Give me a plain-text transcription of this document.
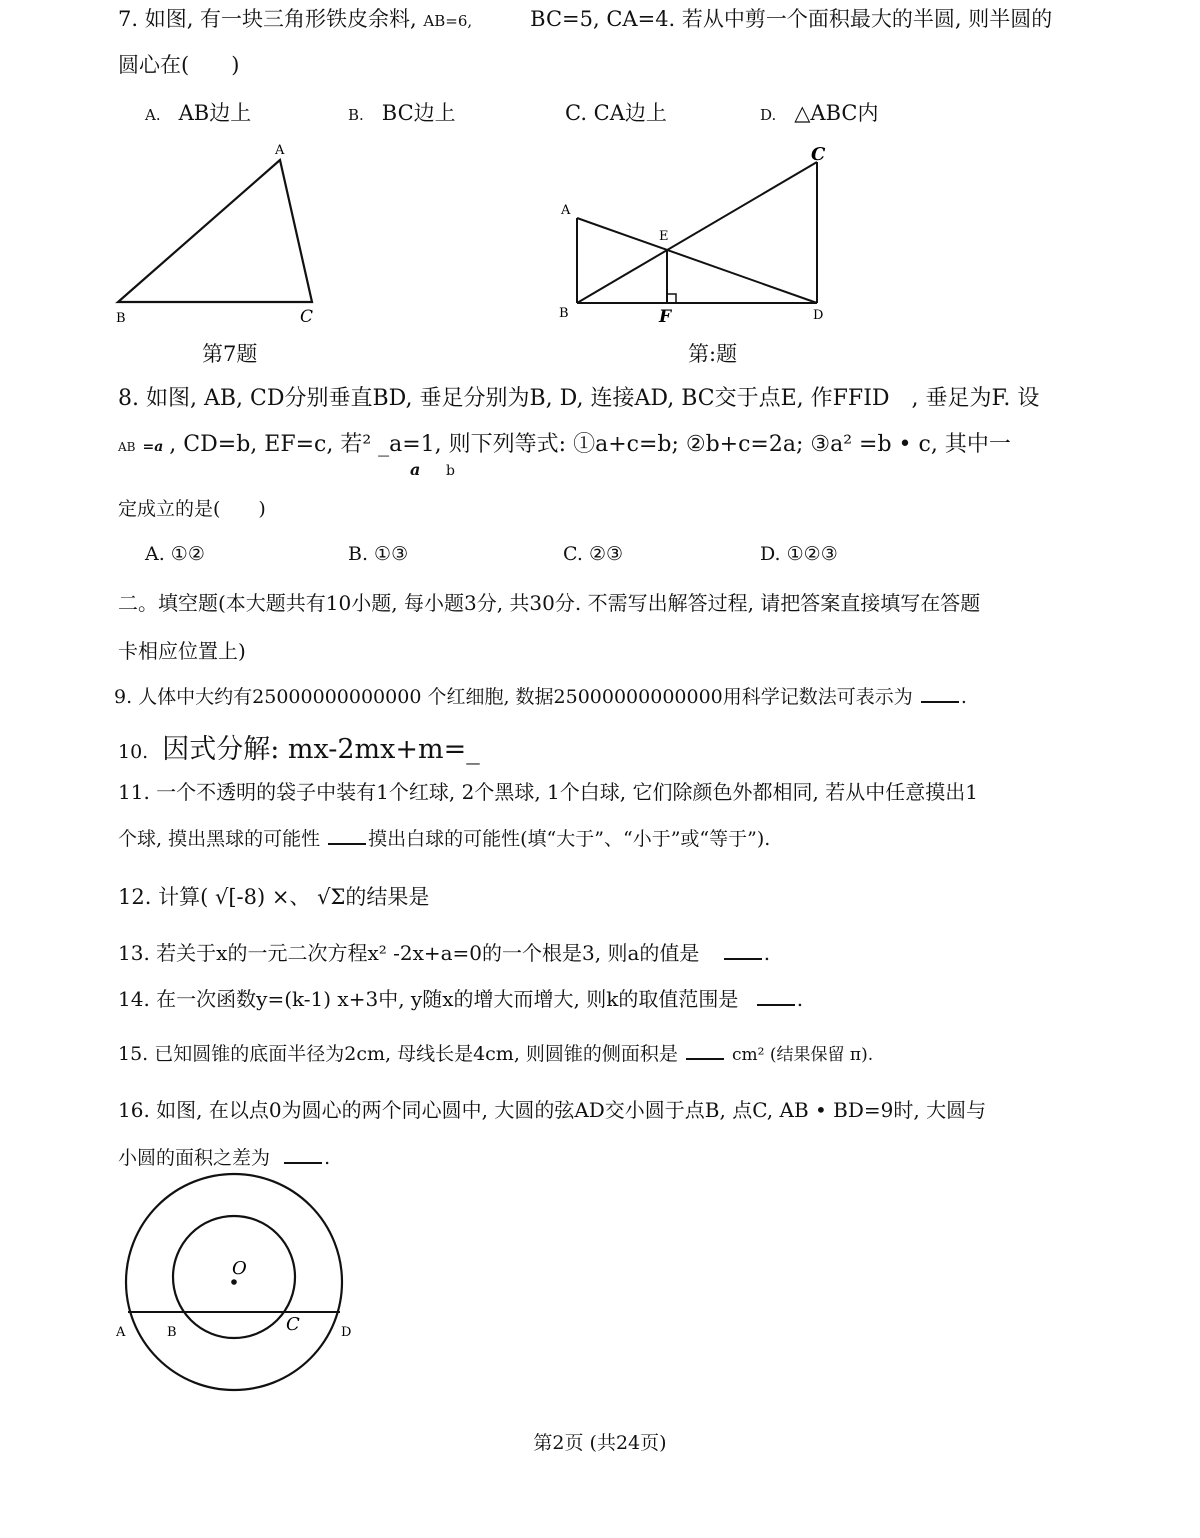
7. 如图, 有一块三角形铁皮余料, AB=6,	BC=5, CA=4. 若从中剪一个面积最大的半圆, 则半圆的
圆心在(　　)
A. AB边上	B. BC边上	C. CA边上	D. △ABC内
A
B	C
第7题
A
B
C
D
E
F
第:题
8. 如图, AB, CD分别垂直BD, 垂足分别为B, D, 连接AD, BC交于点E, 作FFID　, 垂足为F. 设
AB =a , CD=b, EF=c, 若² _a=1, 则下列等式: ①a+c=b; ②b+c=2a; ③a² =b • c, 其中一
a b
定成立的是(　　)
A. ①②	B. ①③	C. ②③	D. ①②③
二。填空题(本大题共有10小题, 每小题3分, 共30分. 不需写出解答过程, 请把答案直接填写在答题
卡相应位置上)
9. 人体中大约有25000000000000 个红细胞, 数据25000000000000用科学记数法可表示为	.
10. 因式分解: mx-2mx+m=_
11. 一个不透明的袋子中装有1个红球, 2个黑球, 1个白球, 它们除颜色外都相同, 若从中任意摸出1
个球, 摸出黑球的可能性	摸出白球的可能性(填“大于”、“小于”或“等于”).
12. 计算( √[-8) ×、 √Σ的结果是
13. 若关于x的一元二次方程x² -2x+a=0的一个根是3, 则a的值是	.
14. 在一次函数y=(k-1) x+3中, y随x的增大而增大, 则k的取值范围是	.
15. 已知圆锥的底面半径为2cm, 母线长是4cm, 则圆锥的侧面积是	cm² (结果保留 π).
16. 如图, 在以点0为圆心的两个同心圆中, 大圆的弦AD交小圆于点B, 点C, AB • BD=9时, 大圆与
小圆的面积之差为	.
O
A	B	C	D
第2页 (共24页)
